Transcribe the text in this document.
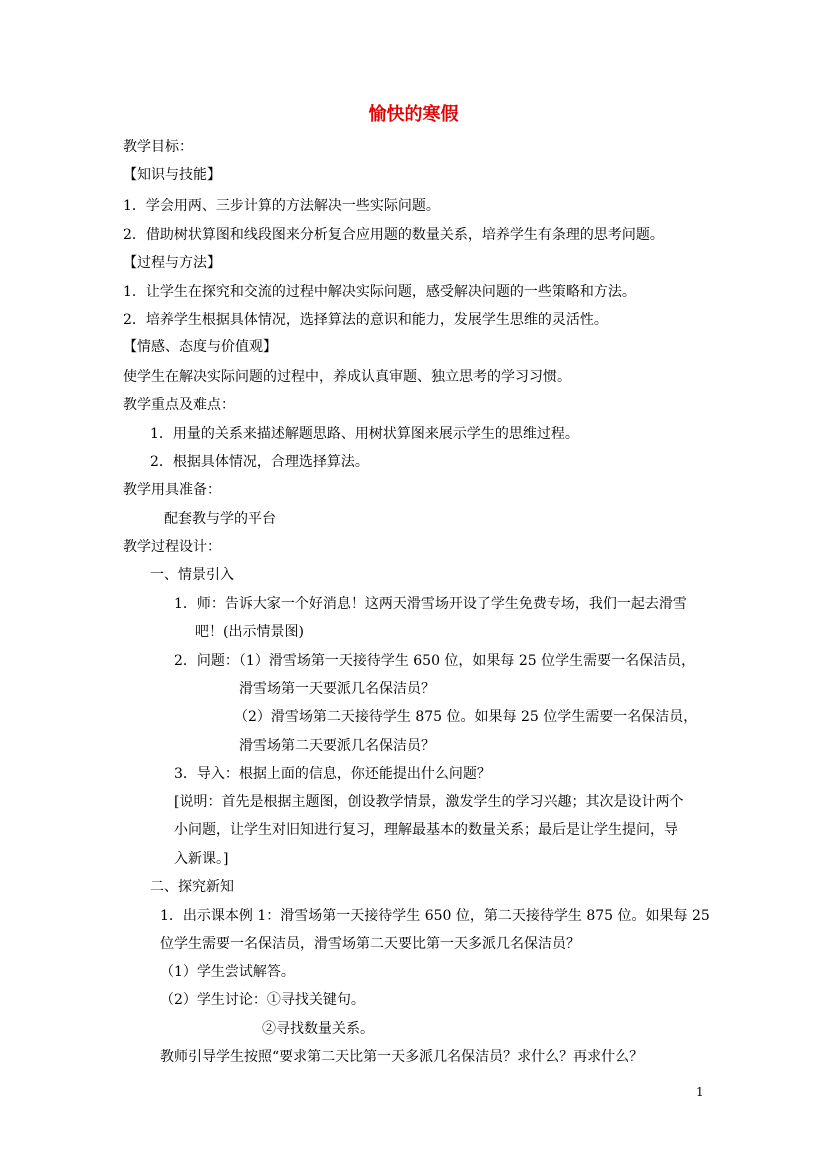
愉快的寒假
教学目标：
【知识与技能】
1．学会用两、三步计算的方法解决一些实际问题。
2．借助树状算图和线段图来分析复合应用题的数量关系，培养学生有条理的思考问题。
【过程与方法】
1．让学生在探究和交流的过程中解决实际问题，感受解决问题的一些策略和方法。
2．培养学生根据具体情况，选择算法的意识和能力，发展学生思维的灵活性。
【情感、态度与价值观】
使学生在解决实际问题的过程中，养成认真审题、独立思考的学习习惯。
教学重点及难点：
1．用量的关系来描述解题思路、用树状算图来展示学生的思维过程。
2．根据具体情况，合理选择算法。
教学用具准备：
配套教与学的平台
教学过程设计：
一、情景引入
1．师：告诉大家一个好消息！这两天滑雪场开设了学生免费专场，我们一起去滑雪
吧！(出示情景图)
2．问题：（1）滑雪场第一天接待学生 650 位，如果每 25 位学生需要一名保洁员，
滑雪场第一天要派几名保洁员？
（2）滑雪场第二天接待学生 875 位。如果每 25 位学生需要一名保洁员，
滑雪场第二天要派几名保洁员？
3．导入：根据上面的信息，你还能提出什么问题？
[说明：首先是根据主题图，创设教学情景，激发学生的学习兴趣；其次是设计两个
小问题，让学生对旧知进行复习，理解最基本的数量关系；最后是让学生提问，导
入新课。]
二、探究新知
1．出示课本例 1：滑雪场第一天接待学生 650 位，第二天接待学生 875 位。如果每 25
位学生需要一名保洁员，滑雪场第二天要比第一天多派几名保洁员？
（1）学生尝试解答。
（2）学生讨论：①寻找关键句。
②寻找数量关系。
教师引导学生按照“要求第二天比第一天多派几名保洁员？求什么？再求什么？
1
